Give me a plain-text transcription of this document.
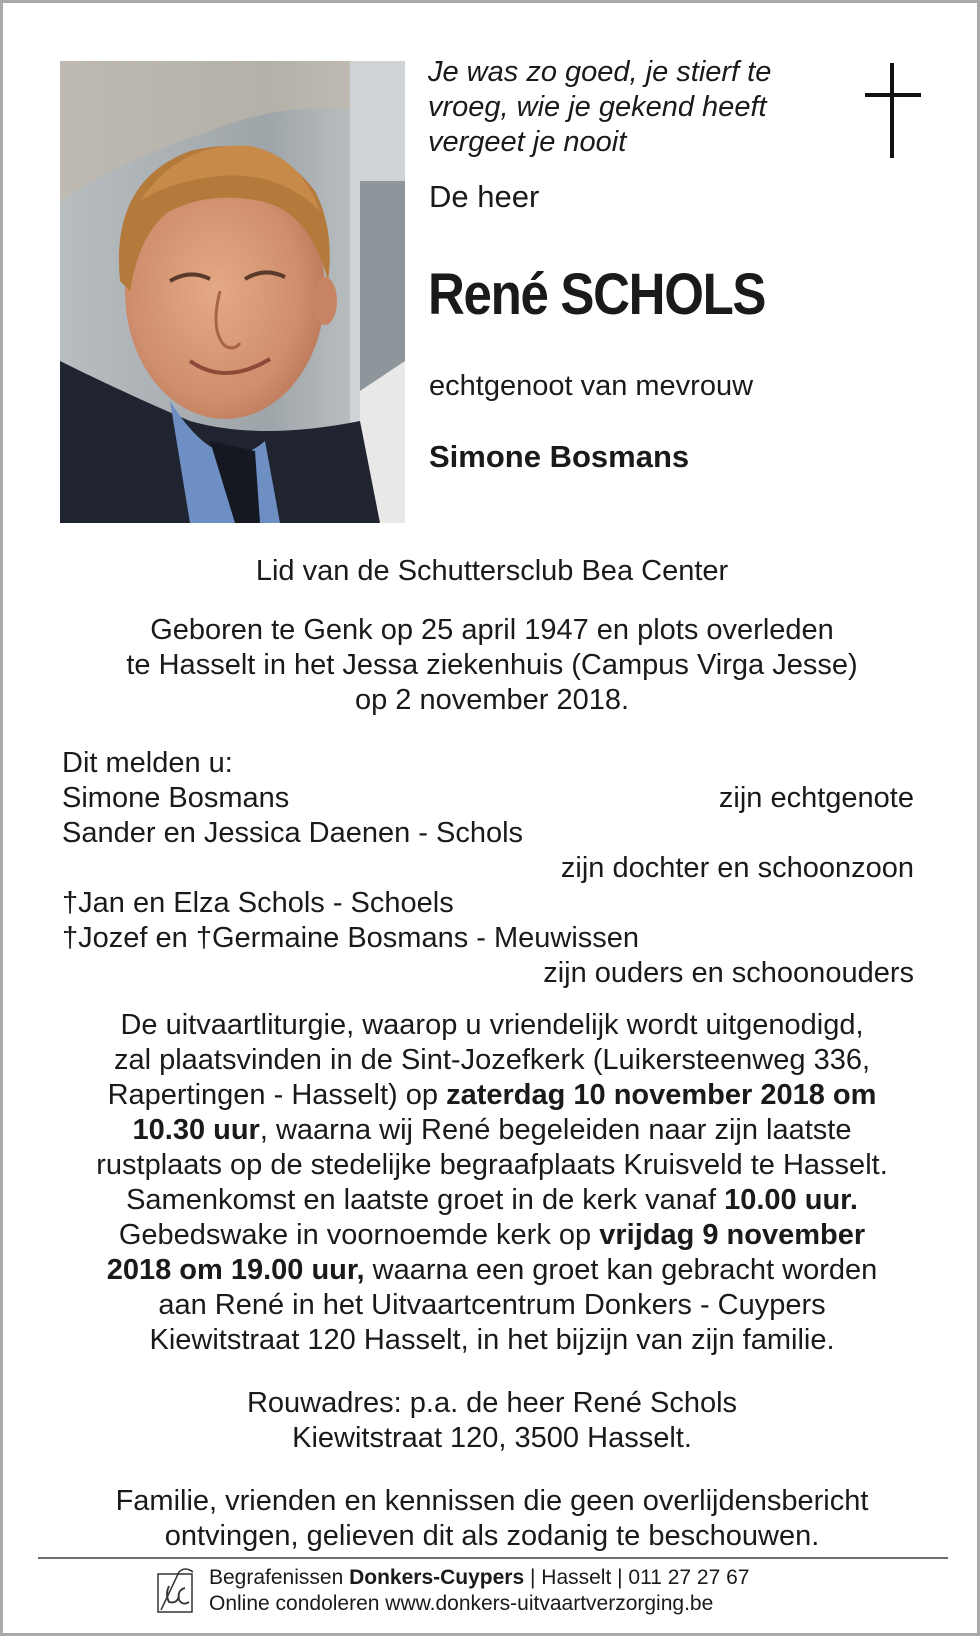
Je was zo goed, je stierf te
vroeg, wie je gekend heeft
vergeet je nooit
De heer
René SCHOLS
echtgenoot van mevrouw
Simone Bosmans
Lid van de Schuttersclub Bea Center
Geboren te Genk op 25 april 1947 en plots overleden
te Hasselt in het Jessa ziekenhuis (Campus Virga Jesse)
op 2 november 2018.
Dit melden u:
Simone Bosmans	zijn echtgenote
Sander en Jessica Daenen - Schols
zijn dochter en schoonzoon
†Jan en Elza Schols - Schoels
†Jozef en †Germaine Bosmans - Meuwissen
zijn ouders en schoonouders
De uitvaartliturgie, waarop u vriendelijk wordt uitgenodigd,
zal plaatsvinden in de Sint-Jozefkerk (Luikersteenweg 336,
Rapertingen - Hasselt) op zaterdag 10 november 2018 om
10.30 uur, waarna wij René begeleiden naar zijn laatste
rustplaats op de stedelijke begraafplaats Kruisveld te Hasselt.
Samenkomst en laatste groet in de kerk vanaf 10.00 uur.
Gebedswake in voornoemde kerk op vrijdag 9 november
2018 om 19.00 uur, waarna een groet kan gebracht worden
aan René in het Uitvaartcentrum Donkers - Cuypers
Kiewitstraat 120 Hasselt, in het bijzijn van zijn familie.
Rouwadres: p.a. de heer René Schols
Kiewitstraat 120, 3500 Hasselt.
Familie, vrienden en kennissen die geen overlijdensbericht
ontvingen, gelieven dit als zodanig te beschouwen.
Begrafenissen Donkers-Cuypers | Hasselt | 011 27 27 67
Online condoleren www.donkers-uitvaartverzorging.be
